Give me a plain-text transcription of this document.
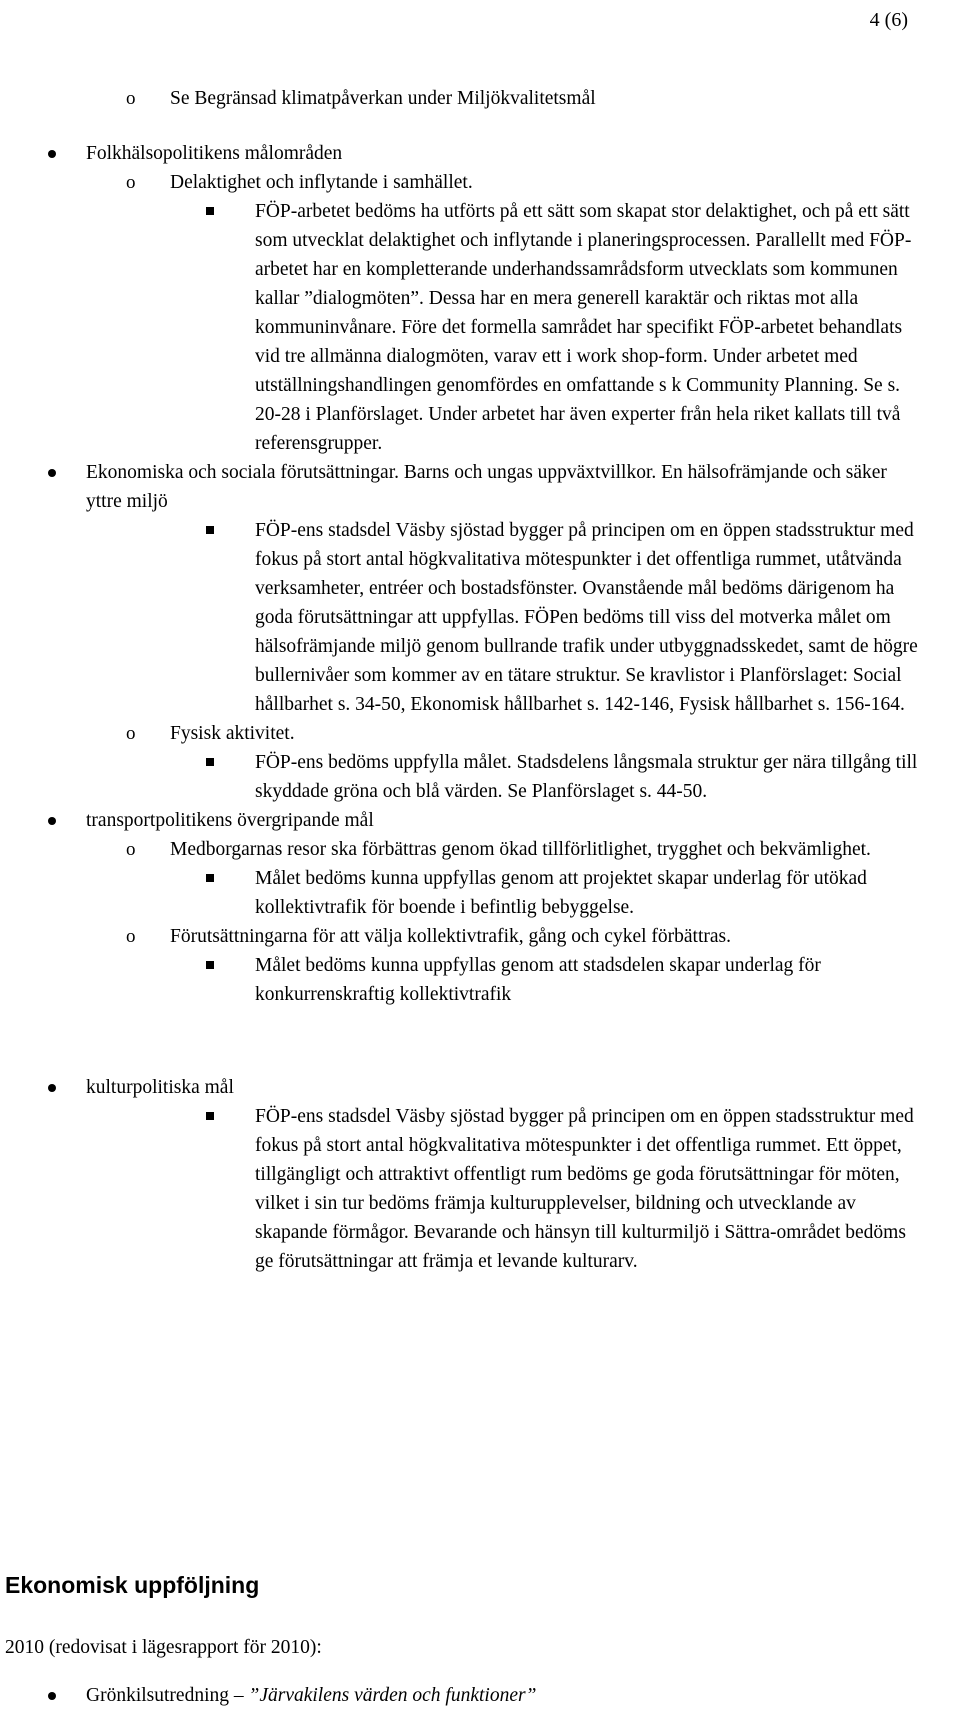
4 (6)
o Se Begränsad klimatpåverkan under Miljökvalitetsmål
Folkhälsopolitikens målområden
o Delaktighet och inflytande i samhället.
FÖP-arbetet bedöms ha utförts på ett sätt som skapat stor delaktighet, och på ett sätt som utvecklat delaktighet och inflytande i planeringsprocessen. Parallellt med FÖP-arbetet har en kompletterande underhandssamrådsform utvecklats som kommunen kallar ”dialogmöten”. Dessa har en mera generell karaktär och riktas mot alla kommuninvånare. Före det formella samrådet har specifikt FÖP-arbetet behandlats vid tre allmänna dialogmöten, varav ett i work shop-form. Under arbetet med utställningshandlingen genomfördes en omfattande s k Community Planning. Se s. 20-28 i Planförslaget. Under arbetet har även experter från hela riket kallats till två referensgrupper.
Ekonomiska och sociala förutsättningar. Barns och ungas uppväxtvillkor. En hälsofrämjande och säker yttre miljö
FÖP-ens stadsdel Väsby sjöstad bygger på principen om en öppen stadsstruktur med fokus på stort antal högkvalitativa mötespunkter i det offentliga rummet, utåtvända verksamheter, entréer och bostadsfönster. Ovanstående mål bedöms därigenom ha goda förutsättningar att uppfyllas. FÖPen bedöms till viss del motverka målet om hälsofrämjande miljö genom bullrande trafik under utbyggnadsskedet, samt de högre bullernivåer som kommer av en tätare struktur. Se kravlistor i Planförslaget: Social hållbarhet s. 34-50, Ekonomisk hållbarhet s. 142-146, Fysisk hållbarhet s. 156-164.
o Fysisk aktivitet.
FÖP-ens bedöms uppfylla målet. Stadsdelens långsmala struktur ger nära tillgång till skyddade gröna och blå värden. Se Planförslaget s. 44-50.
transportpolitikens övergripande mål
o Medborgarnas resor ska förbättras genom ökad tillförlitlighet, trygghet och bekvämlighet.
Målet bedöms kunna uppfyllas genom att projektet skapar underlag för utökad kollektivtrafik för boende i befintlig bebyggelse.
o Förutsättningarna för att välja kollektivtrafik, gång och cykel förbättras.
Målet bedöms kunna uppfyllas genom att stadsdelen skapar underlag för konkurrenskraftig kollektivtrafik
kulturpolitiska mål
FÖP-ens stadsdel Väsby sjöstad bygger på principen om en öppen stadsstruktur med fokus på stort antal högkvalitativa mötespunkter i det offentliga rummet. Ett öppet, tillgängligt och attraktivt offentligt rum bedöms ge goda förutsättningar för möten, vilket i sin tur bedöms främja kulturupplevelser, bildning och utvecklande av skapande förmågor. Bevarande och hänsyn till kulturmiljö i Sättra-området bedöms ge förutsättningar att främja et levande kulturarv.
Ekonomisk uppföljning

2010 (redovisat i lägesrapport för 2010):

Grönkilsutredning – ”Järvakilens värden och funktioner”
